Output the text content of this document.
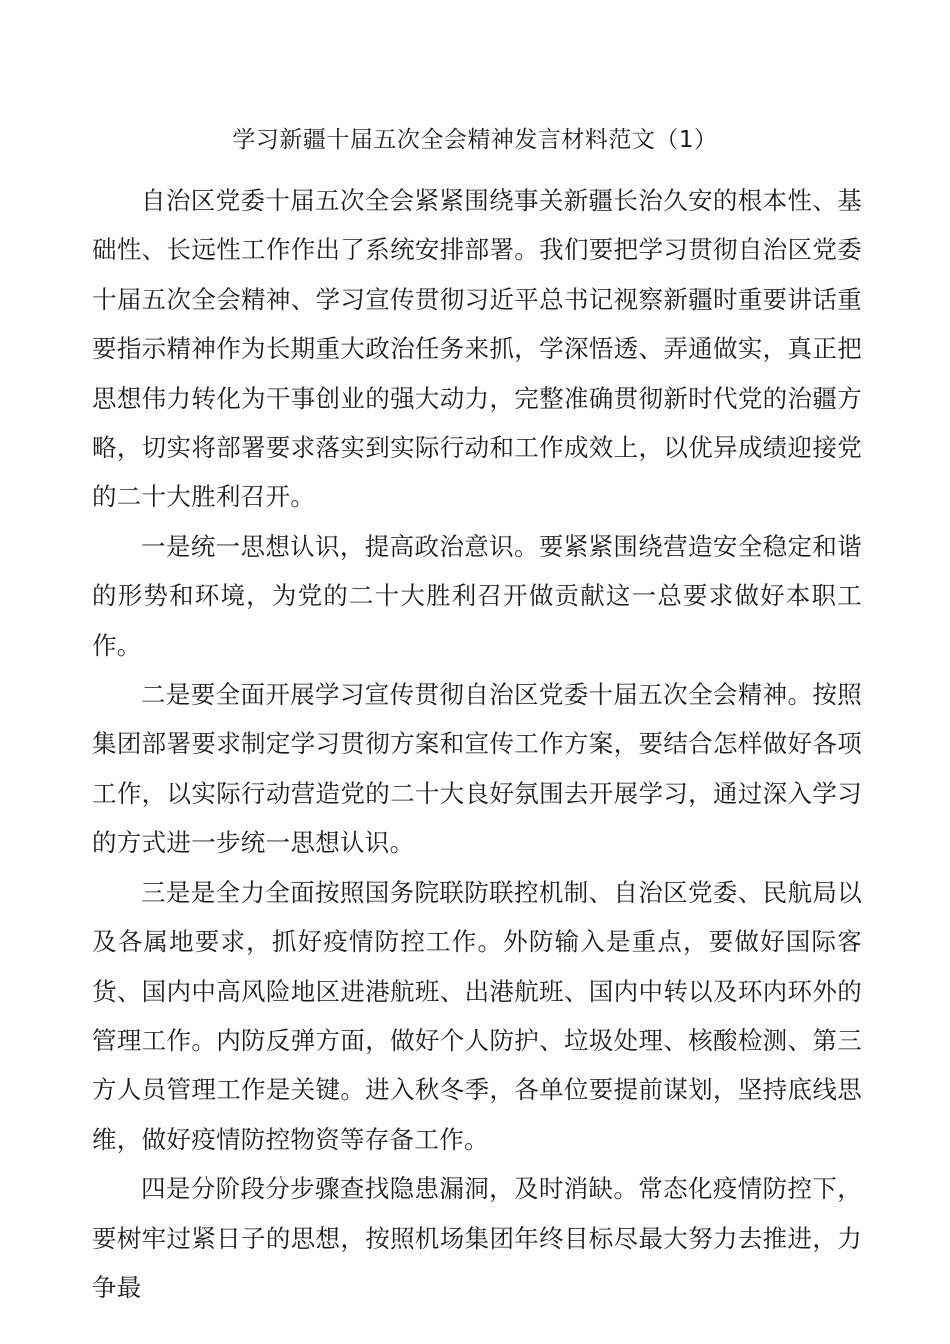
学习新疆十届五次全会精神发言材料范文（1）

自治区党委十届五次全会紧紧围绕事关新疆长治久安的根本性、基础性、长远性工作作出了系统安排部署。我们要把学习贯彻自治区党委十届五次全会精神、学习宣传贯彻习近平总书记视察新疆时重要讲话重要指示精神作为长期重大政治任务来抓，学深悟透、弄通做实，真正把思想伟力转化为干事创业的强大动力，完整准确贯彻新时代党的治疆方略，切实将部署要求落实到实际行动和工作成效上，以优异成绩迎接党的二十大胜利召开。

一是统一思想认识，提高政治意识。要紧紧围绕营造安全稳定和谐的形势和环境，为党的二十大胜利召开做贡献这一总要求做好本职工作。

二是要全面开展学习宣传贯彻自治区党委十届五次全会精神。按照集团部署要求制定学习贯彻方案和宣传工作方案，要结合怎样做好各项工作，以实际行动营造党的二十大良好氛围去开展学习，通过深入学习的方式进一步统一思想认识。

三是是全力全面按照国务院联防联控机制、自治区党委、民航局以及各属地要求，抓好疫情防控工作。外防输入是重点，要做好国际客货、国内中高风险地区进港航班、出港航班、国内中转以及环内环外的管理工作。内防反弹方面，做好个人防护、垃圾处理、核酸检测、第三方人员管理工作是关键。进入秋冬季，各单位要提前谋划，坚持底线思维，做好疫情防控物资等存备工作。

四是分阶段分步骤查找隐患漏洞，及时消缺。常态化疫情防控下，要树牢过紧日子的思想，按照机场集团年终目标尽最大努力去推进，力争最
